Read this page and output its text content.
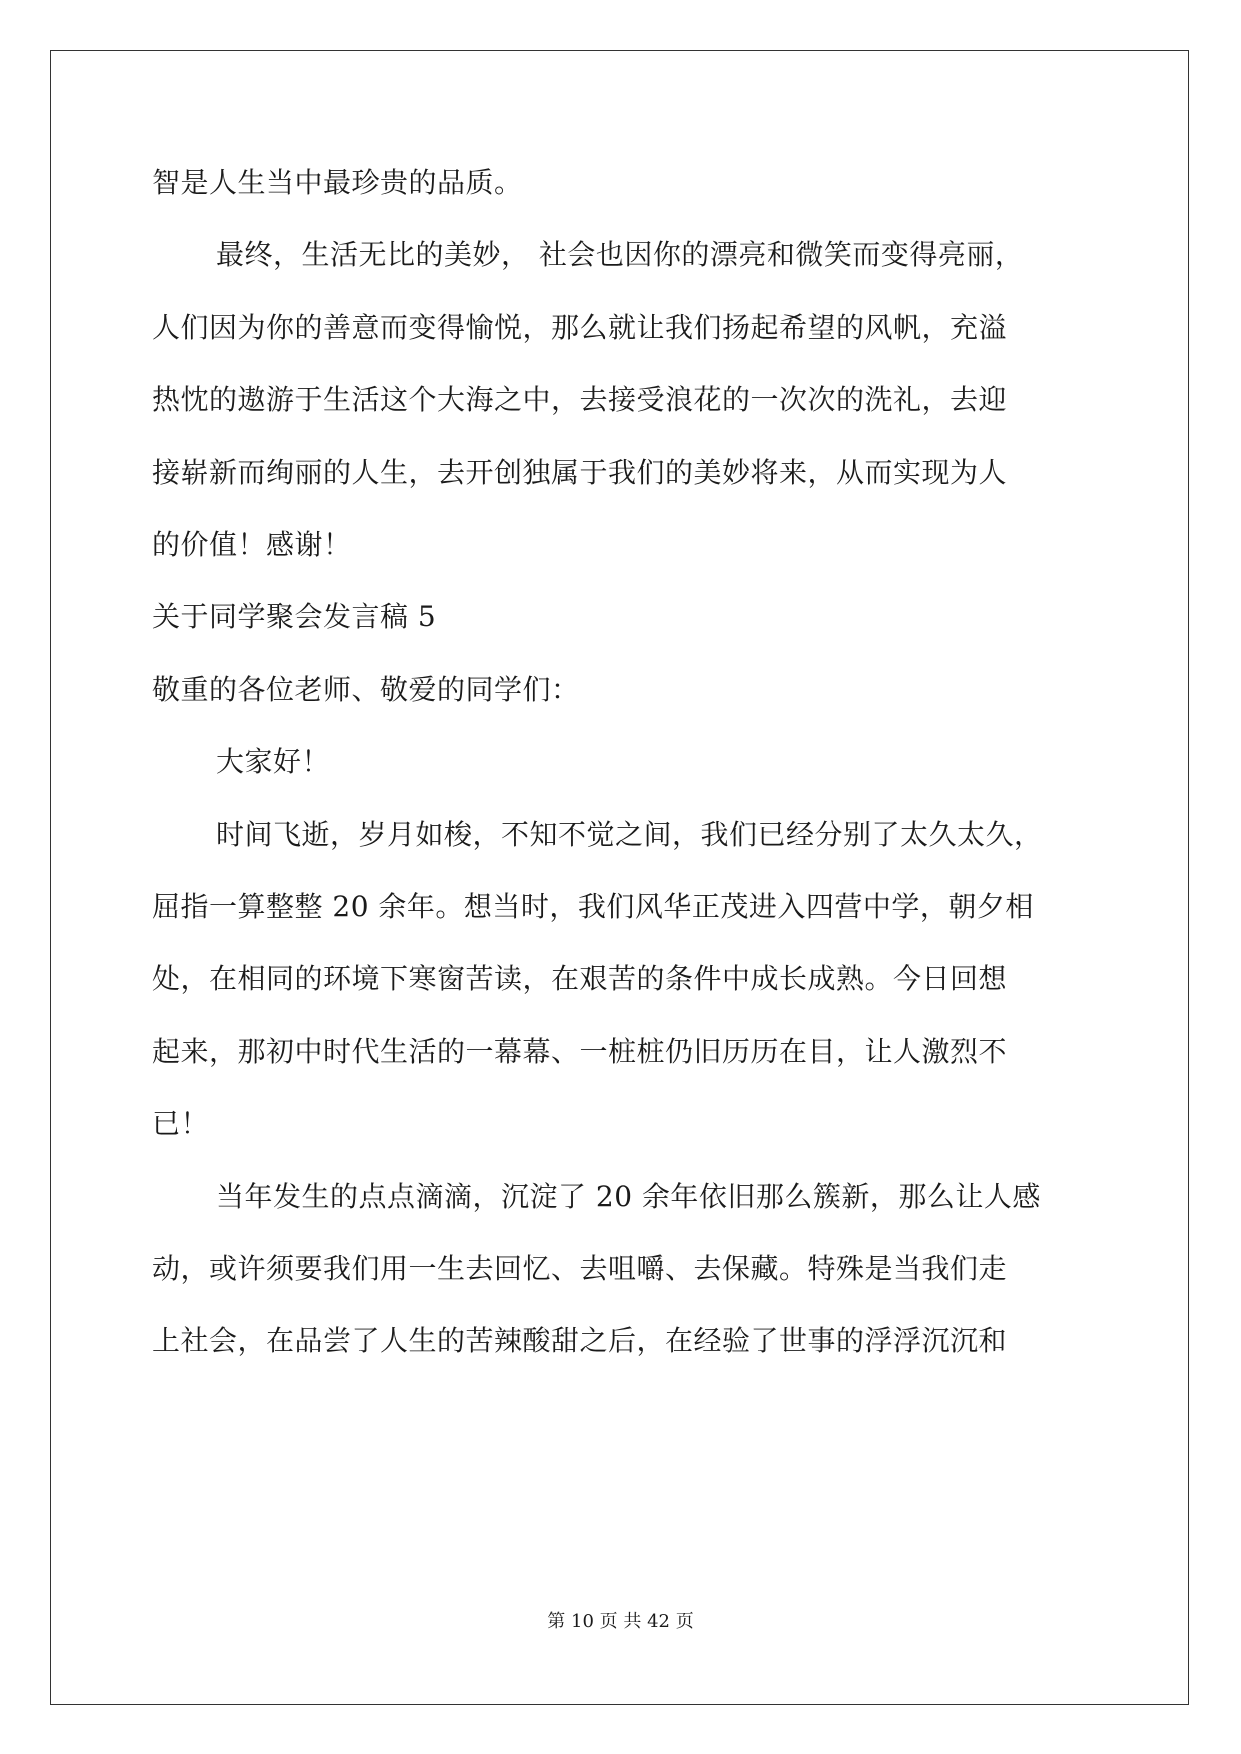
智是人生当中最珍贵的品质。
最终，生活无比的美妙， 社会也因你的漂亮和微笑而变得亮丽，
人们因为你的善意而变得愉悦，那么就让我们扬起希望的风帆，充溢
热忱的遨游于生活这个大海之中，去接受浪花的一次次的洗礼，去迎
接崭新而绚丽的人生，去开创独属于我们的美妙将来，从而实现为人
的价值！感谢！
关于同学聚会发言稿 5
敬重的各位老师、敬爱的同学们：
大家好！
时间飞逝，岁月如梭，不知不觉之间，我们已经分别了太久太久，
屈指一算整整 20 余年。想当时，我们风华正茂进入四营中学，朝夕相
处，在相同的环境下寒窗苦读，在艰苦的条件中成长成熟。今日回想
起来，那初中时代生活的一幕幕、一桩桩仍旧历历在目，让人激烈不
已！
当年发生的点点滴滴，沉淀了 20 余年依旧那么簇新，那么让人感
动，或许须要我们用一生去回忆、去咀嚼、去保藏。特殊是当我们走
上社会，在品尝了人生的苦辣酸甜之后，在经验了世事的浮浮沉沉和
第 10 页 共 42 页
